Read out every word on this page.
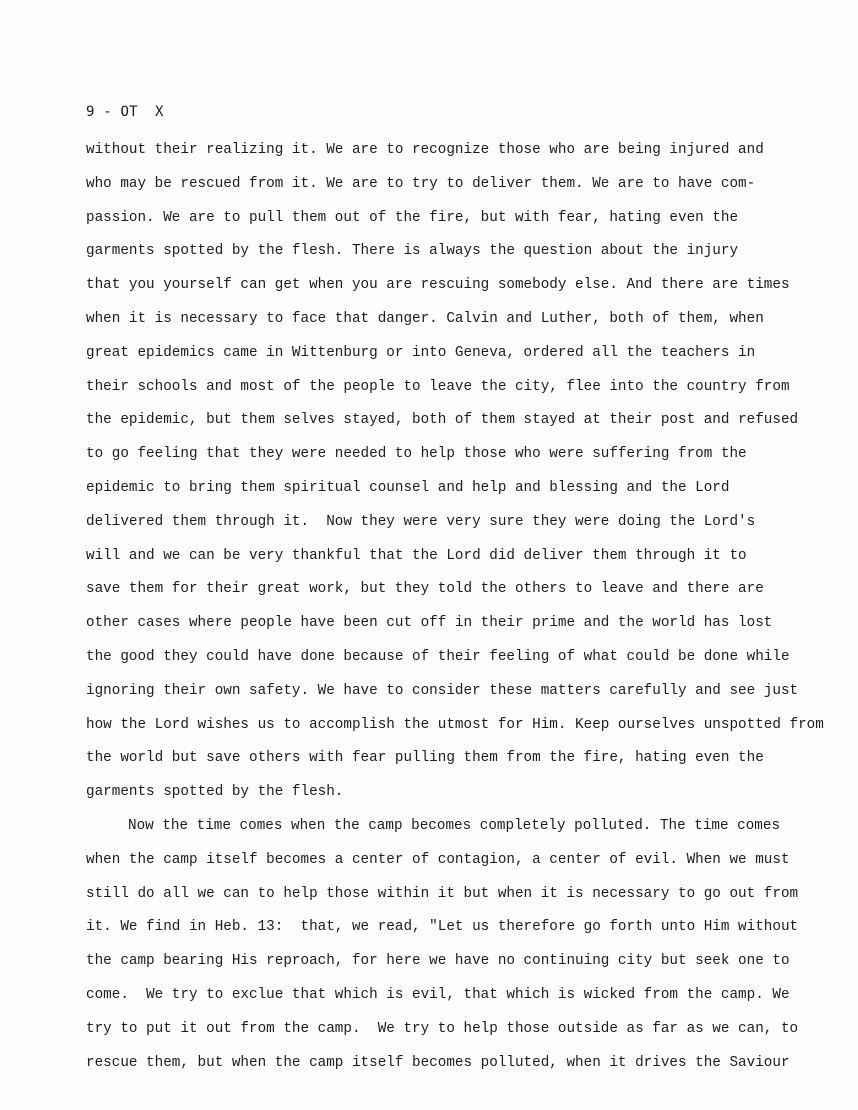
9 - OT  X
without their realizing it. We are to recognize those who are being injured and
who may be rescued from it. We are to try to deliver them. We are to have com-
passion. We are to pull them out of the fire, but with fear, hating even the
garments spotted by the flesh. There is always the question about the injury
that you yourself can get when you are rescuing somebody else. And there are times
when it is necessary to face that danger. Calvin and Luther, both of them, when
great epidemics came in Wittenburg or into Geneva, ordered all the teachers in
their schools and most of the people to leave the city, flee into the country from
the epidemic, but them selves stayed, both of them stayed at their post and refused
to go feeling that they were needed to help those who were suffering from the
epidemic to bring them spiritual counsel and help and blessing and the Lord
delivered them through it.  Now they were very sure they were doing the Lord's
will and we can be very thankful that the Lord did deliver them through it to
save them for their great work, but they told the others to leave and there are
other cases where people have been cut off in their prime and the world has lost
the good they could have done because of their feeling of what could be done while
ignoring their own safety. We have to consider these matters carefully and see just
how the Lord wishes us to accomplish the utmost for Him. Keep ourselves unspotted from
the world but save others with fear pulling them from the fire, hating even the
garments spotted by the flesh.
Now the time comes when the camp becomes completely polluted. The time comes
when the camp itself becomes a center of contagion, a center of evil. When we must
still do all we can to help those within it but when it is necessary to go out from
it. We find in Heb. 13:  that, we read, "Let us therefore go forth unto Him without
the camp bearing His reproach, for here we have no continuing city but seek one to
come.  We try to exclue that which is evil, that which is wicked from the camp. We
try to put it out from the camp.  We try to help those outside as far as we can, to
rescue them, but when the camp itself becomes polluted, when it drives the Saviour
